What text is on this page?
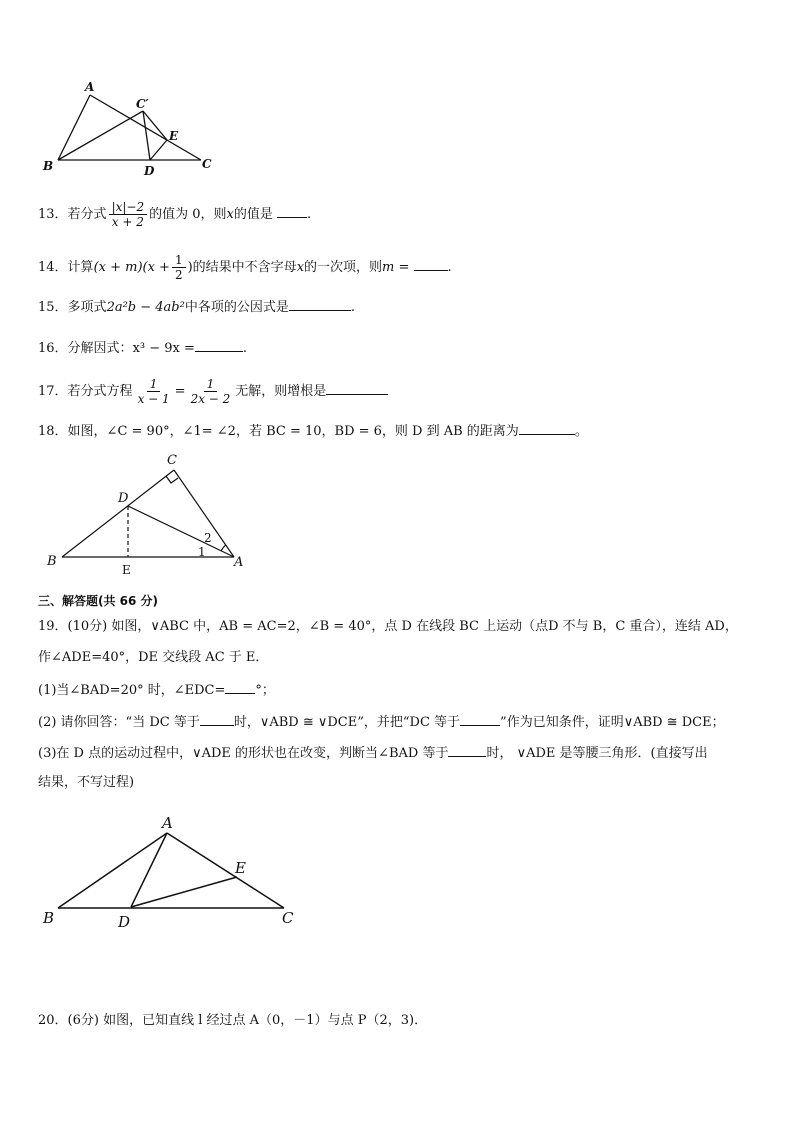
A
C′
E
B	D	C
13．若分式 $\frac{|x|-2}{x + 2}$ 的值为 0，则x的值是	.
14．计算$(x + m)(x + \frac{1}{2}$ )的结果中不含字母x的一次项，则m =	.
15．多项式2a²b − 4ab²中各项的公因式是	.
16．分解因式：x³ − 9x =	.
17．若分式方程 $\frac{1}{x - 1} = \frac{1}{2x - 2}$ 无解，则增根是
18．如图，∠C = 90°，∠1= ∠2，若 BC = 10，BD = 6，则 D 到 AB 的距离为	。
C
D
B	A
E
2
1
三、解答题(共 66 分)
19．(10分) 如图，∨ABC 中，AB = AC=2，∠B = 40°，点 D 在线段 BC 上运动（点D 不与 B，C 重合），连结 AD，
作∠ADE=40°，DE 交线段 AC 于 E．
(1)当∠BAD=20° 时，∠EDC= °；
(2) 请你回答：“当 DC 等于	时，∨ABD ≅ ∨DCE”，并把“DC 等于	”作为已知条件，证明∨ABD ≅ DCE；
(3)在 D 点的运动过程中，∨ADE 的形状也在改变，判断当∠BAD 等于	时， ∨ADE 是等腰三角形．(直接写出
结果，不写过程)
A
E
B	D	C
20．(6分) 如图，已知直线 l 经过点 A（0，－1）与点 P（2，3)．
